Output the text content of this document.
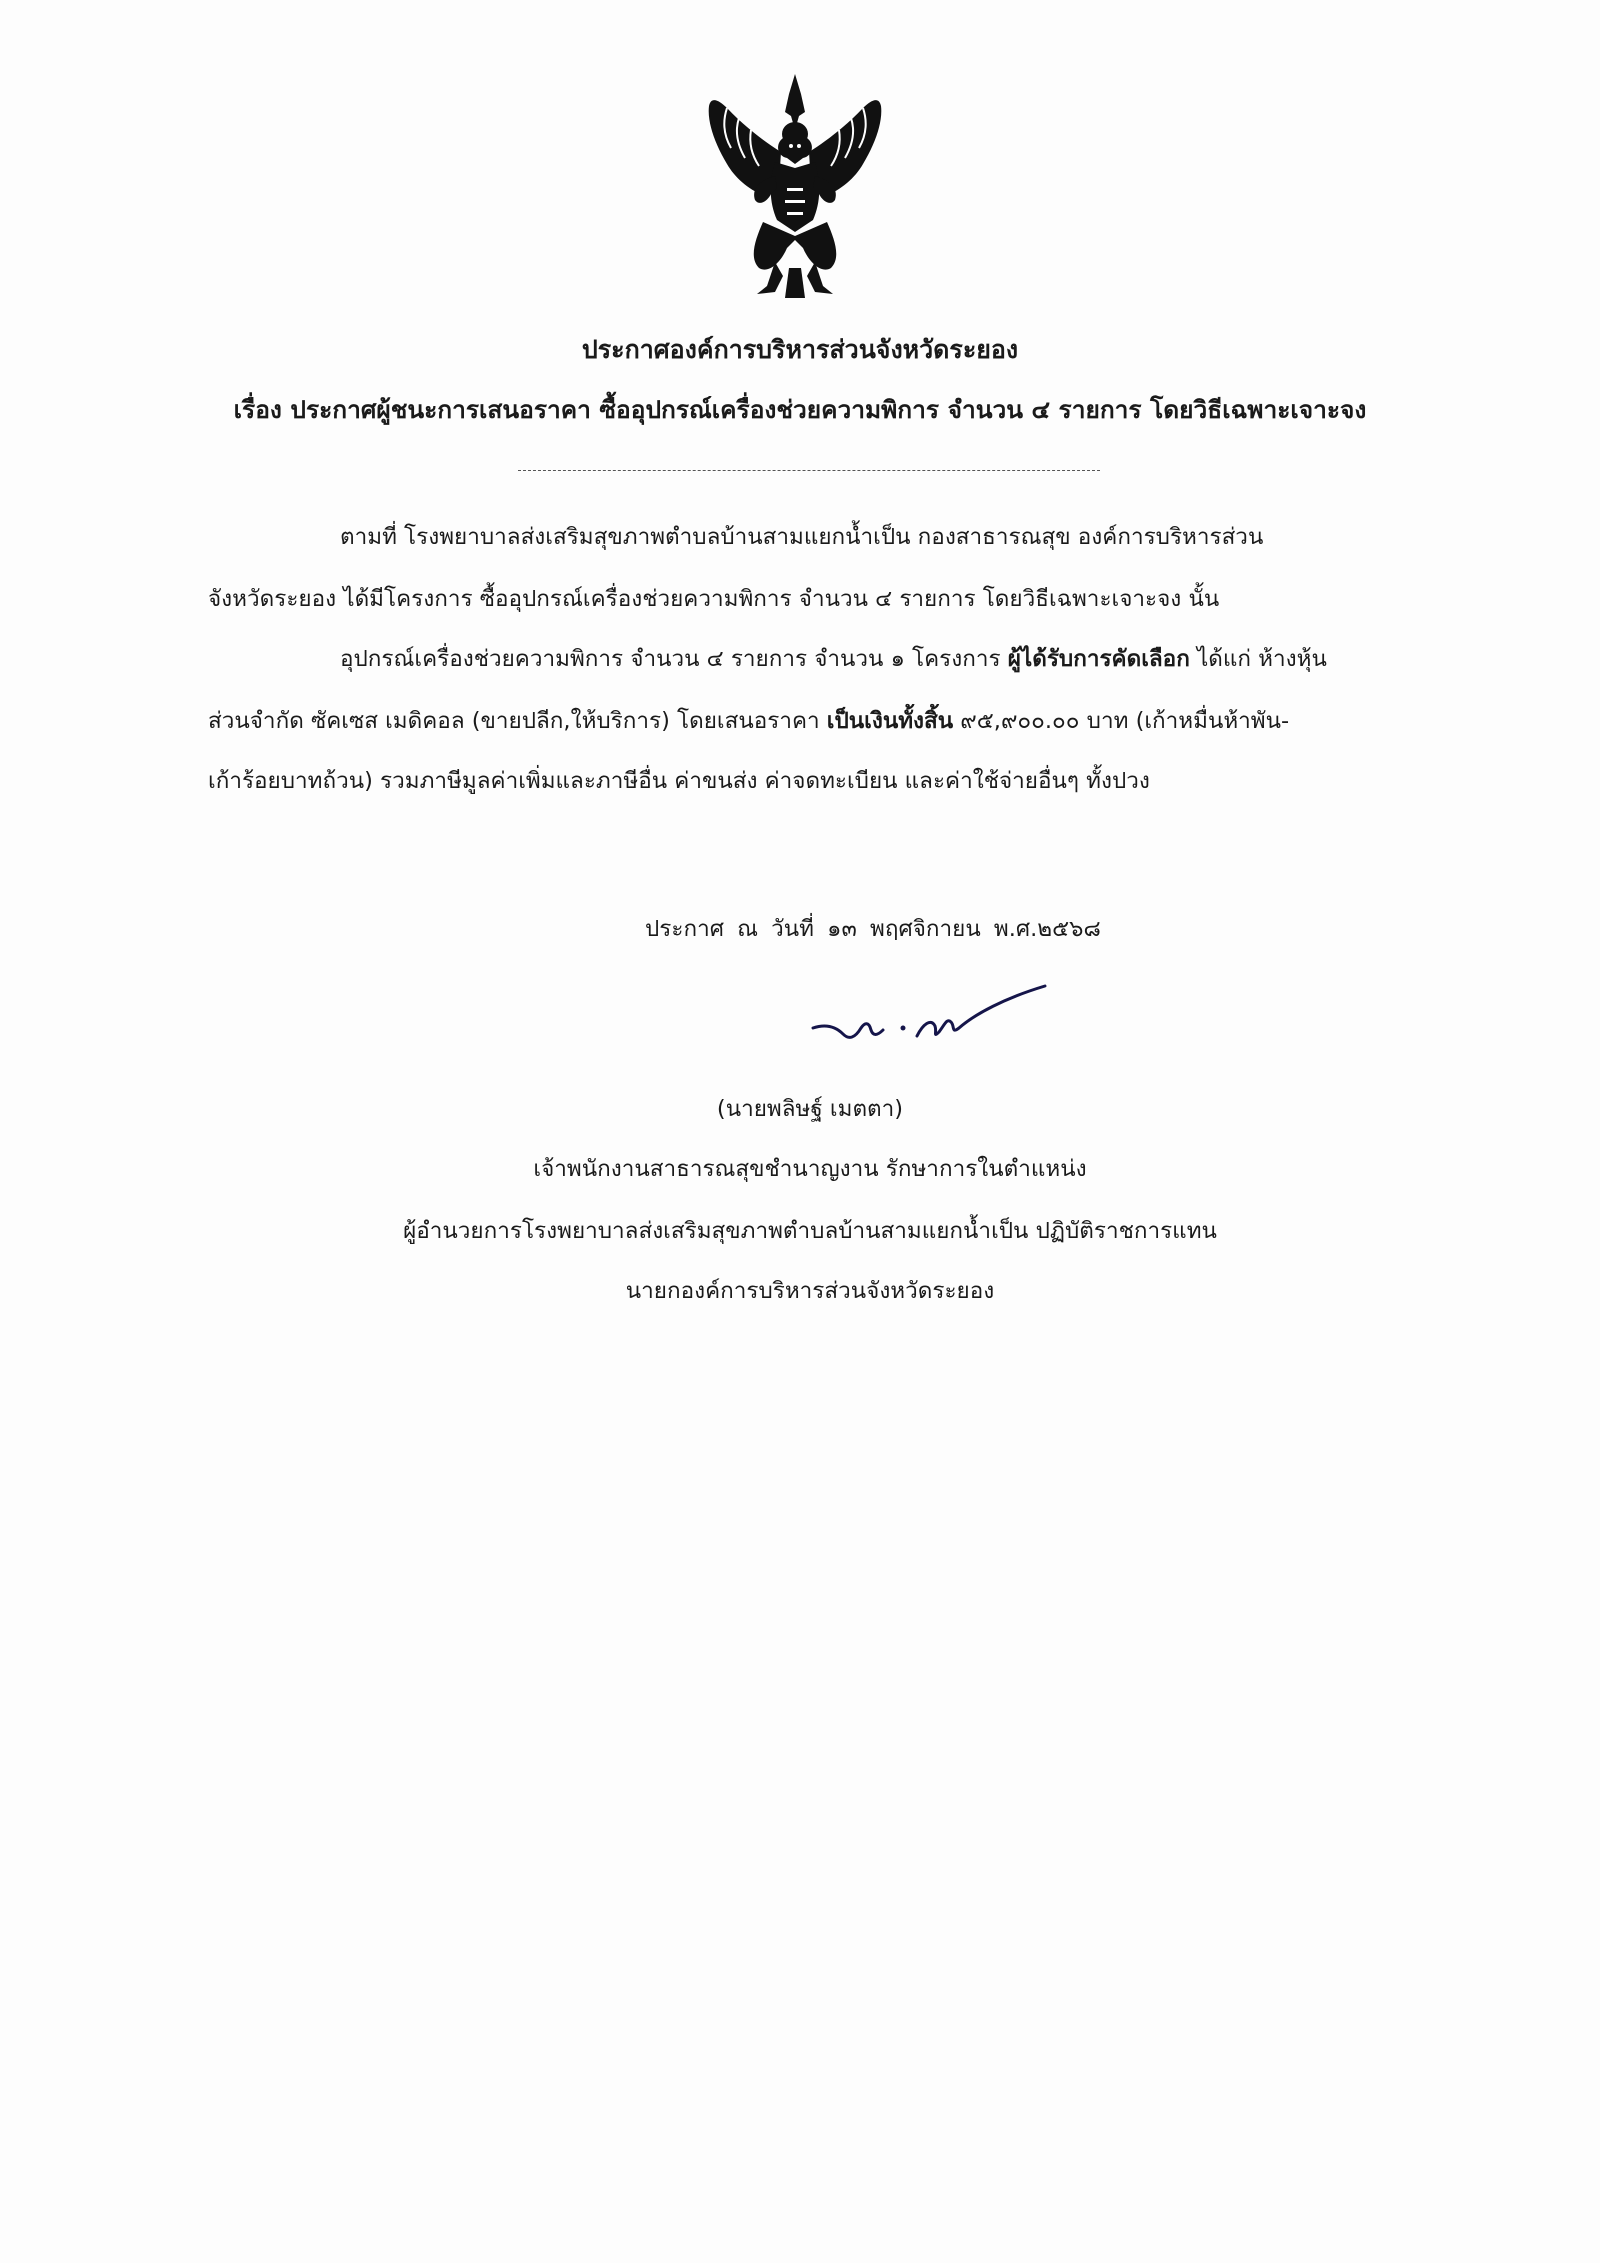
ประกาศองค์การบริหารส่วนจังหวัดระยอง
เรื่อง ประกาศผู้ชนะการเสนอราคา ซื้ออุปกรณ์เครื่องช่วยความพิการ จำนวน ๔ รายการ โดยวิธีเฉพาะเจาะจง
ตามที่ โรงพยาบาลส่งเสริมสุขภาพตำบลบ้านสามแยกน้ำเป็น กองสาธารณสุข องค์การบริหารส่วน
จังหวัดระยอง ได้มีโครงการ ซื้ออุปกรณ์เครื่องช่วยความพิการ จำนวน ๔ รายการ โดยวิธีเฉพาะเจาะจง นั้น
อุปกรณ์เครื่องช่วยความพิการ จำนวน ๔ รายการ จำนวน ๑ โครงการ ผู้ได้รับการคัดเลือก ได้แก่ ห้างหุ้น
ส่วนจำกัด ซัคเซส เมดิคอล (ขายปลีก,ให้บริการ) โดยเสนอราคา เป็นเงินทั้งสิ้น ๙๕,๙๐๐.๐๐ บาท (เก้าหมื่นห้าพัน-
เก้าร้อยบาทถ้วน) รวมภาษีมูลค่าเพิ่มและภาษีอื่น ค่าขนส่ง ค่าจดทะเบียน และค่าใช้จ่ายอื่นๆ ทั้งปวง
ประกาศ ณ วันที่ ๑๓ พฤศจิกายน พ.ศ.๒๕๖๘
(นายพลิษฐ์ เมตตา)
เจ้าพนักงานสาธารณสุขชำนาญงาน รักษาการในตำแหน่ง
ผู้อำนวยการโรงพยาบาลส่งเสริมสุขภาพตำบลบ้านสามแยกน้ำเป็น ปฏิบัติราชการแทน
นายกองค์การบริหารส่วนจังหวัดระยอง
